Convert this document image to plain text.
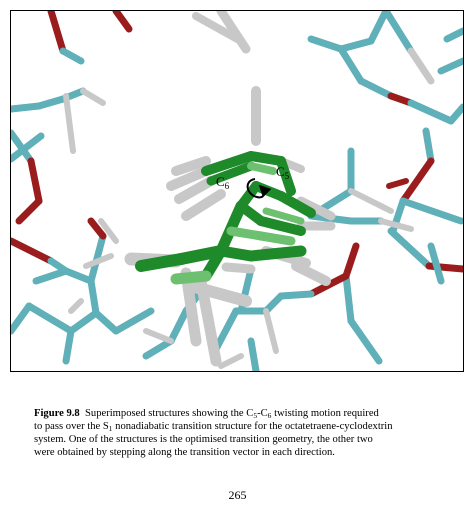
$C_6$
$C_5$
Figure 9.8 Superimposed structures showing the $C_5-C_6$ twisting motion required
to pass over the $S_1$ nonadiabatic transition structure for the octatetraene-cyclodextrin
system. One of the structures is the optimised transition geometry, the other two
were obtained by stepping along the transition vector in each direction.
265
